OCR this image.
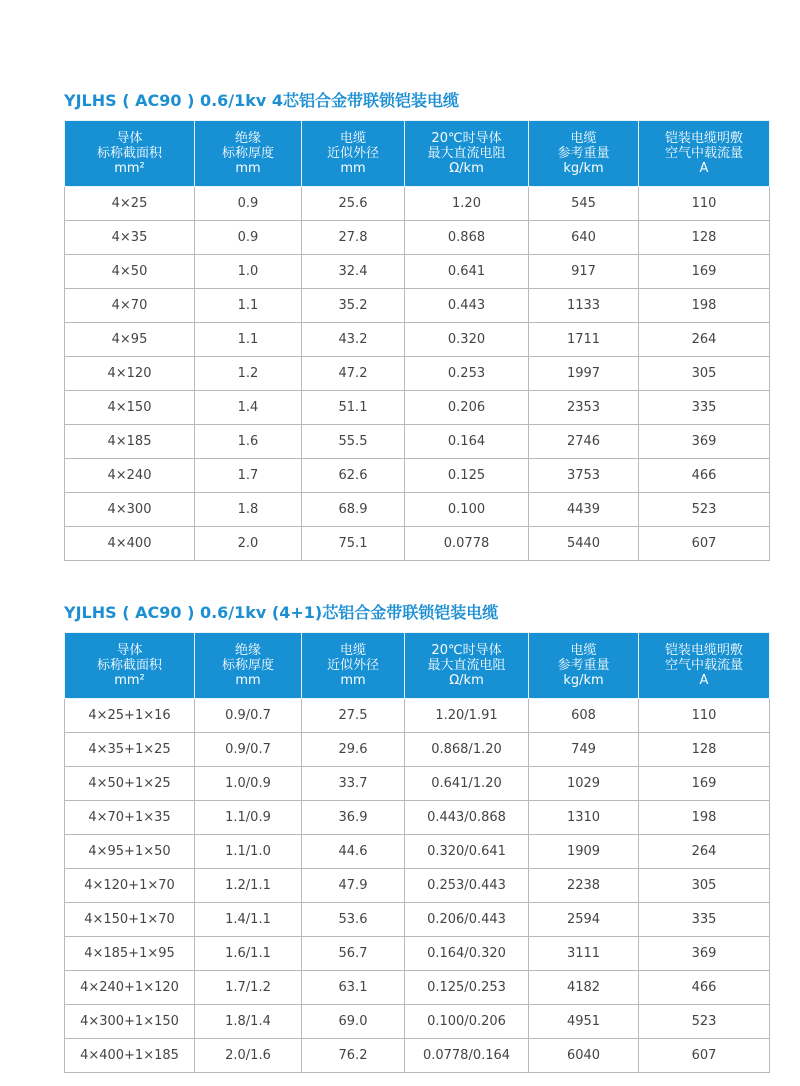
YJLHS ( AC90 ) 0.6/1kv 4芯铝合金带联锁铠装电缆
导体
标称截面积
mm²	绝缘
标称厚度
mm	电缆
近似外径
mm	20℃时导体
最大直流电阻
Ω/km	电缆
参考重量
kg/km	铠装电缆明敷
空气中载流量
A

4×25	0.9	25.6	1.20	545	110
4×35	0.9	27.8	0.868	640	128
4×50	1.0	32.4	0.641	917	169
4×70	1.1	35.2	0.443	1133	198
4×95	1.1	43.2	0.320	1711	264
4×120	1.2	47.2	0.253	1997	305
4×150	1.4	51.1	0.206	2353	335
4×185	1.6	55.5	0.164	2746	369
4×240	1.7	62.6	0.125	3753	466
4×300	1.8	68.9	0.100	4439	523
4×400	2.0	75.1	0.0778	5440	607
YJLHS ( AC90 ) 0.6/1kv (4+1)芯铝合金带联锁铠装电缆
导体
标称截面积
mm²	绝缘
标称厚度
mm	电缆
近似外径
mm	20℃时导体
最大直流电阻
Ω/km	电缆
参考重量
kg/km	铠装电缆明敷
空气中载流量
A

4×25+1×16	0.9/0.7	27.5	1.20/1.91	608	110
4×35+1×25	0.9/0.7	29.6	0.868/1.20	749	128
4×50+1×25	1.0/0.9	33.7	0.641/1.20	1029	169
4×70+1×35	1.1/0.9	36.9	0.443/0.868	1310	198
4×95+1×50	1.1/1.0	44.6	0.320/0.641	1909	264
4×120+1×70	1.2/1.1	47.9	0.253/0.443	2238	305
4×150+1×70	1.4/1.1	53.6	0.206/0.443	2594	335
4×185+1×95	1.6/1.1	56.7	0.164/0.320	3111	369
4×240+1×120	1.7/1.2	63.1	0.125/0.253	4182	466
4×300+1×150	1.8/1.4	69.0	0.100/0.206	4951	523
4×400+1×185	2.0/1.6	76.2	0.0778/0.164	6040	607
